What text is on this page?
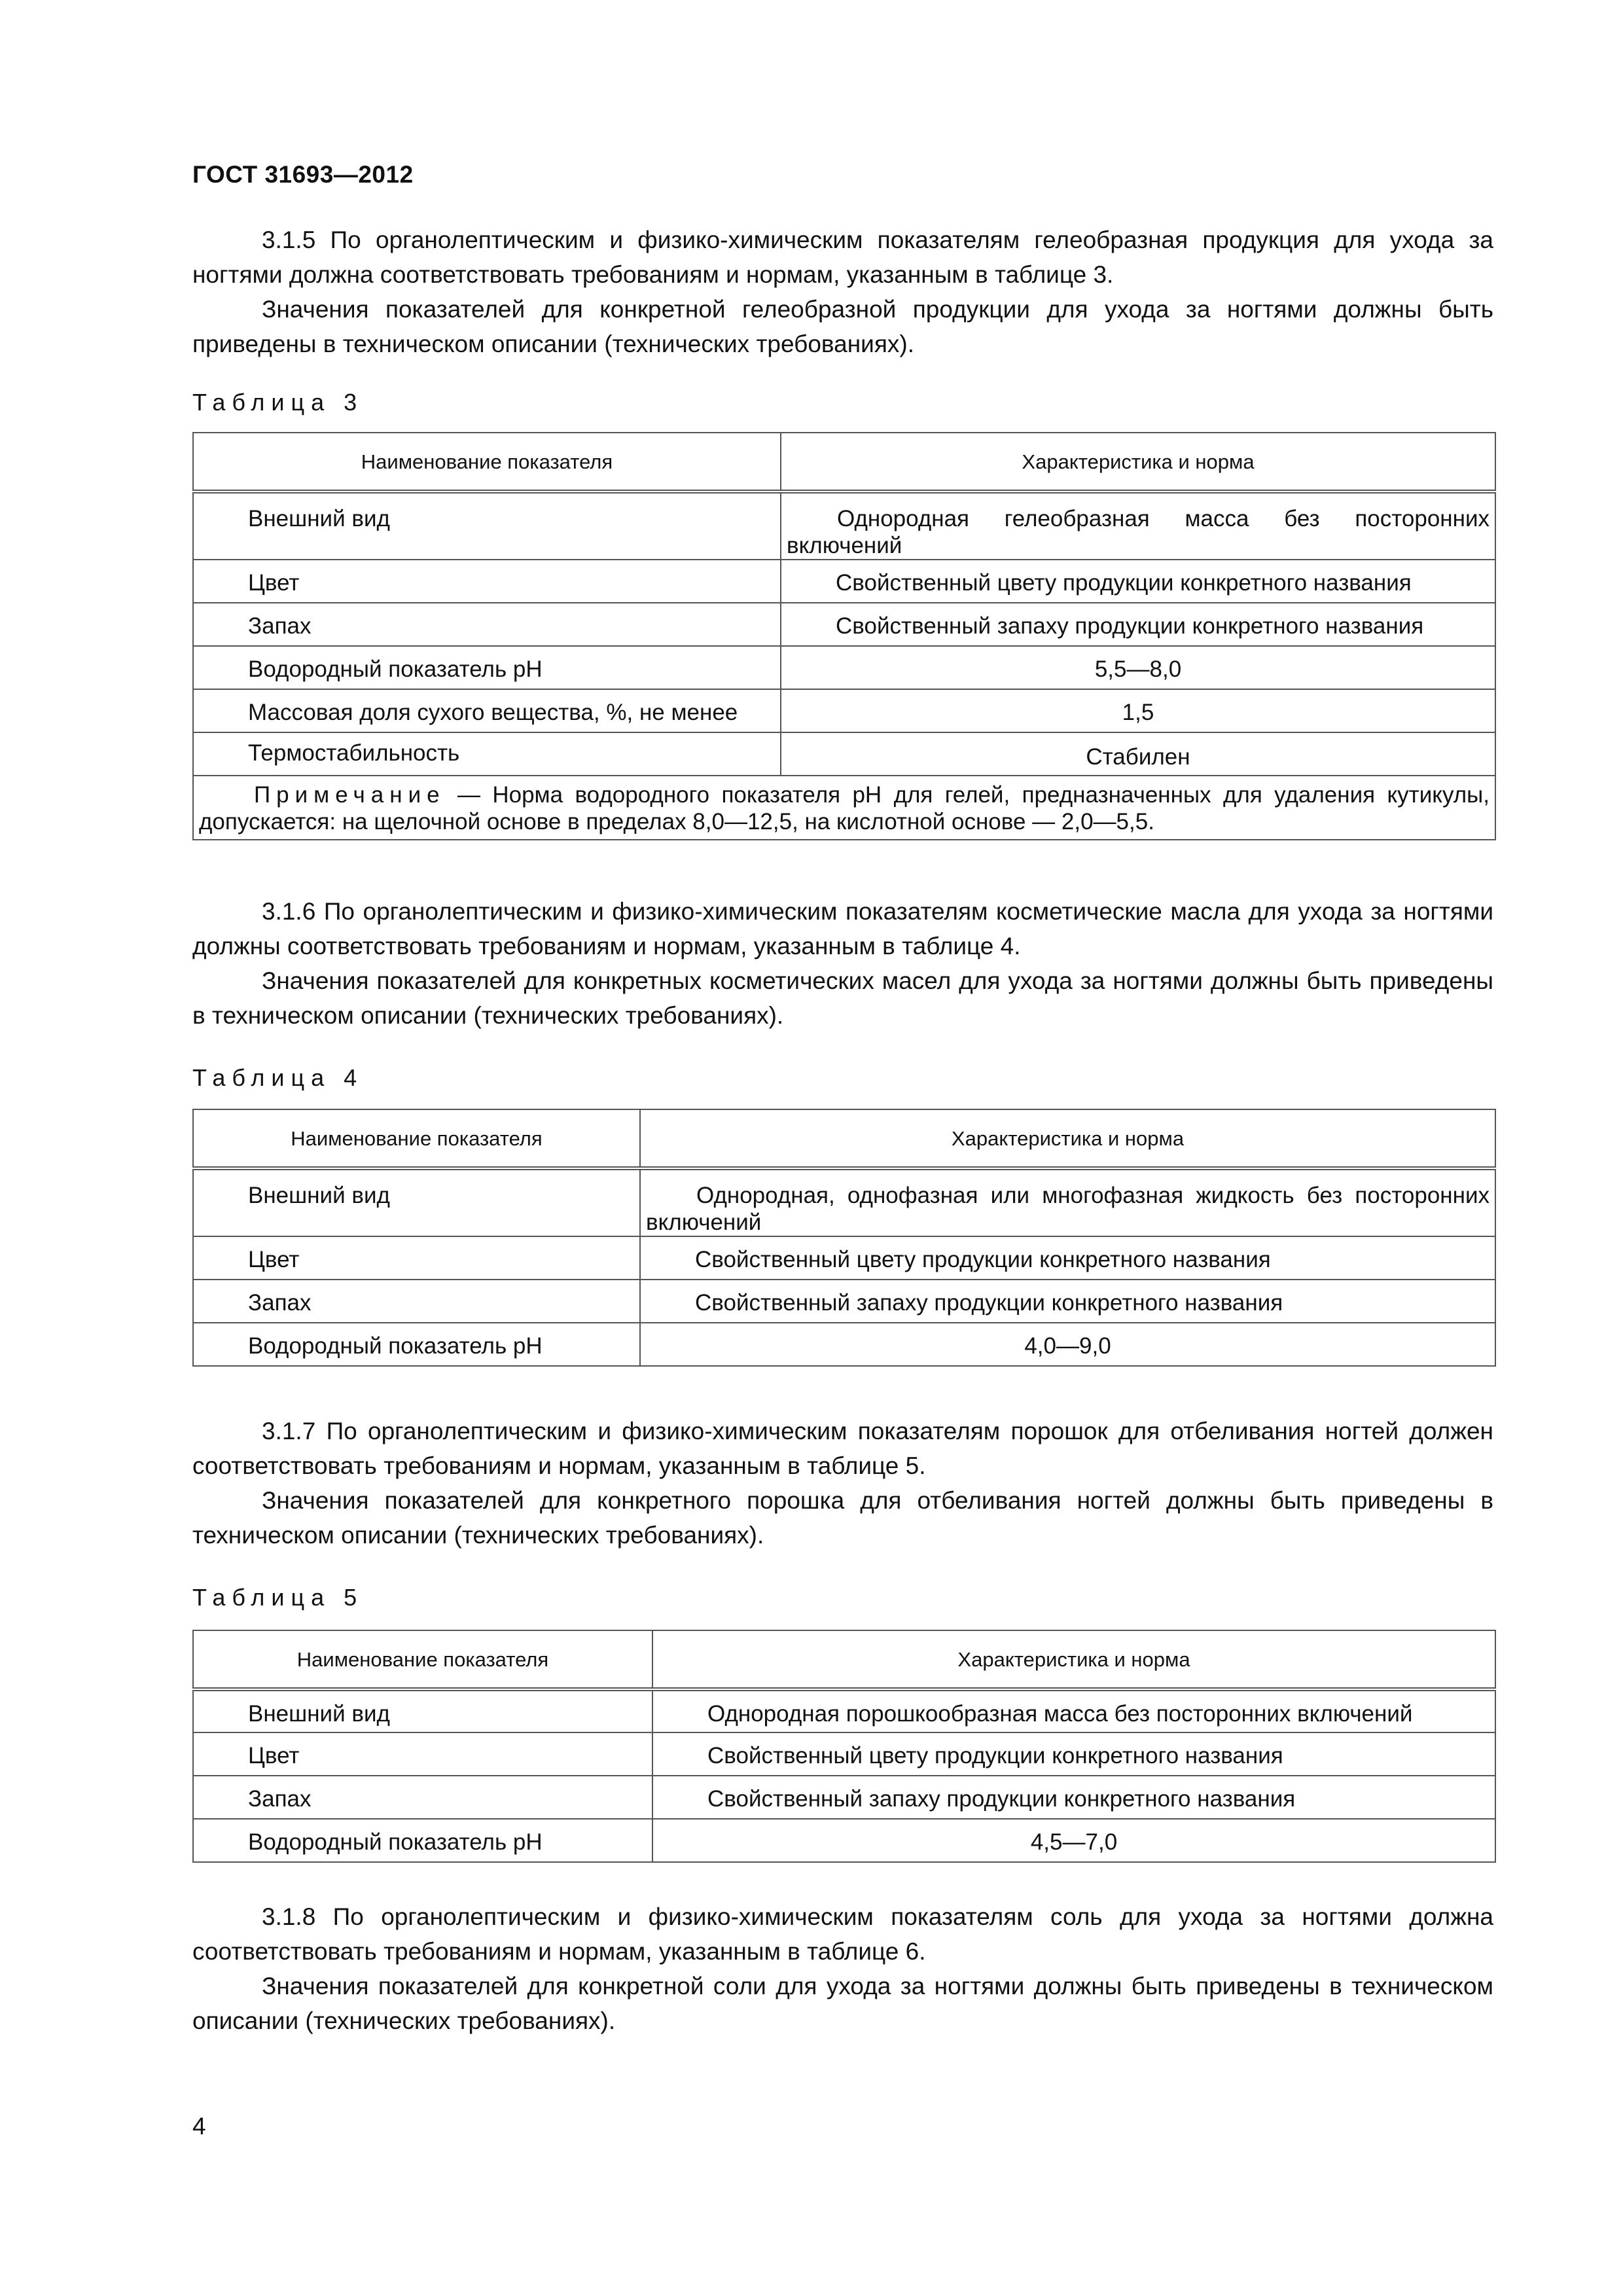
ГОСТ 31693—2012

3.1.5 По органолептическим и физико-химическим показателям гелеобразная продукция для ухода за ногтями должна соответствовать требованиям и нормам, указанным в таблице 3.

Значения показателей для конкретной гелеобразной продукции для ухода за ногтями должны быть приведены в техническом описании (технических требованиях).

Таблица 3
Наименование показателя	Характеристика и норма
Внешний вид	Однородная гелеобразная масса без посторонних включений
Цвет	Свойственный цвету продукции конкретного названия
Запах	Свойственный запаху продукции конкретного названия
Водородный показатель pH	5,5—8,0
Массовая доля сухого вещества, %, не менее	1,5
Термостабильность	Стабилен
Примечание — Норма водородного показателя pH для гелей, предназначенных для удаления кутикулы, допускается: на щелочной основе в пределах 8,0—12,5, на кислотной основе — 2,0—5,5.	

3.1.6 По органолептическим и физико-химическим показателям косметические масла для ухода за ногтями должны соответствовать требованиям и нормам, указанным в таблице 4.

Значения показателей для конкретных косметических масел для ухода за ногтями должны быть приведены в техническом описании (технических требованиях).

Таблица 4
Наименование показателя	Характеристика и норма
Внешний вид	Однородная, однофазная или многофазная жидкость без посторонних включений
Цвет	Свойственный цвету продукции конкретного названия
Запах	Свойственный запаху продукции конкретного названия
Водородный показатель pH	4,0—9,0

3.1.7 По органолептическим и физико-химическим показателям порошок для отбеливания ногтей должен соответствовать требованиям и нормам, указанным в таблице 5.

Значения показателей для конкретного порошка для отбеливания ногтей должны быть приведены в техническом описании (технических требованиях).

Таблица 5
Наименование показателя	Характеристика и норма
Внешний вид	Однородная порошкообразная масса без посторонних включений
Цвет	Свойственный цвету продукции конкретного названия
Запах	Свойственный запаху продукции конкретного названия
Водородный показатель pH	4,5—7,0

3.1.8 По органолептическим и физико-химическим показателям соль для ухода за ногтями должна соответствовать требованиям и нормам, указанным в таблице 6.

Значения показателей для конкретной соли для ухода за ногтями должны быть приведены в техническом описании (технических требованиях).

4
